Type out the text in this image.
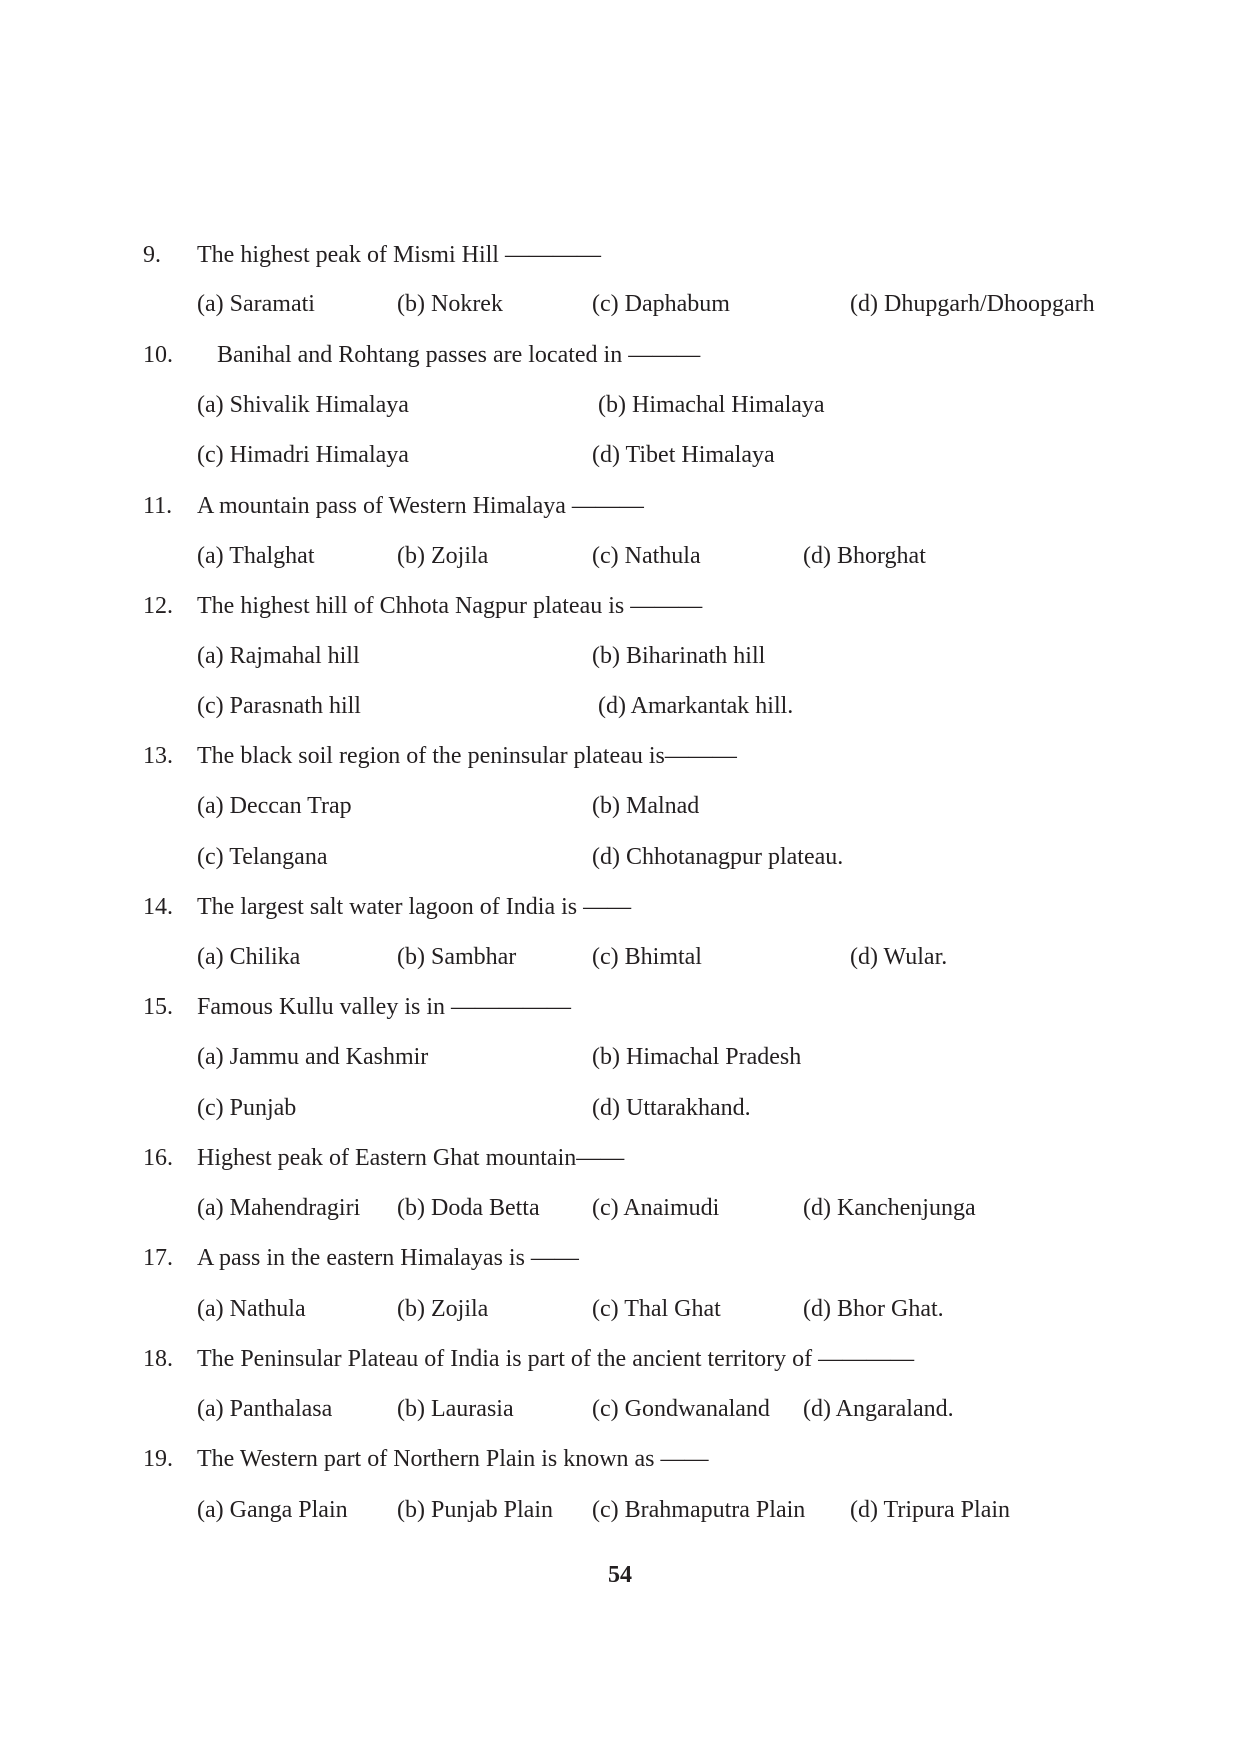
9. The highest peak of Mismi Hill ————
(a) Saramati	(b) Nokrek	(c) Daphabum	(d) Dhupgarh/Dhoopgarh
10. Banihal and Rohtang passes are located in ———
(a) Shivalik Himalaya	(b) Himachal Himalaya
(c) Himadri Himalaya	(d) Tibet Himalaya
11. A mountain pass of Western Himalaya ———
(a) Thalghat	(b) Zojila	(c) Nathula	(d) Bhorghat
12. The highest hill of Chhota Nagpur plateau is ———
(a) Rajmahal hill	(b) Biharinath hill
(c) Parasnath hill	(d) Amarkantak hill.
13. The black soil region of the peninsular plateau is———
(a) Deccan Trap	(b) Malnad
(c) Telangana	(d) Chhotanagpur plateau.
14. The largest salt water lagoon of India is ——
(a) Chilika	(b) Sambhar	(c) Bhimtal	(d) Wular.
15. Famous Kullu valley is in —————
(a) Jammu and Kashmir	(b) Himachal Pradesh
(c) Punjab	(d) Uttarakhand.
16. Highest peak of Eastern Ghat mountain——
(a) Mahendragiri (b) Doda Betta (c) Anaimudi	(d) Kanchenjunga
17. A pass in the eastern Himalayas is ——
(a) Nathula	(b) Zojila	(c) Thal Ghat	(d) Bhor Ghat.
18. The Peninsular Plateau of India is part of the ancient territory of ————
(a) Panthalasa	(b) Laurasia	(c) Gondwanaland (d) Angaraland.
19. The Western part of Northern Plain is known as ——
(a) Ganga Plain (b) Punjab Plain (c) Brahmaputra Plain (d) Tripura Plain
54
